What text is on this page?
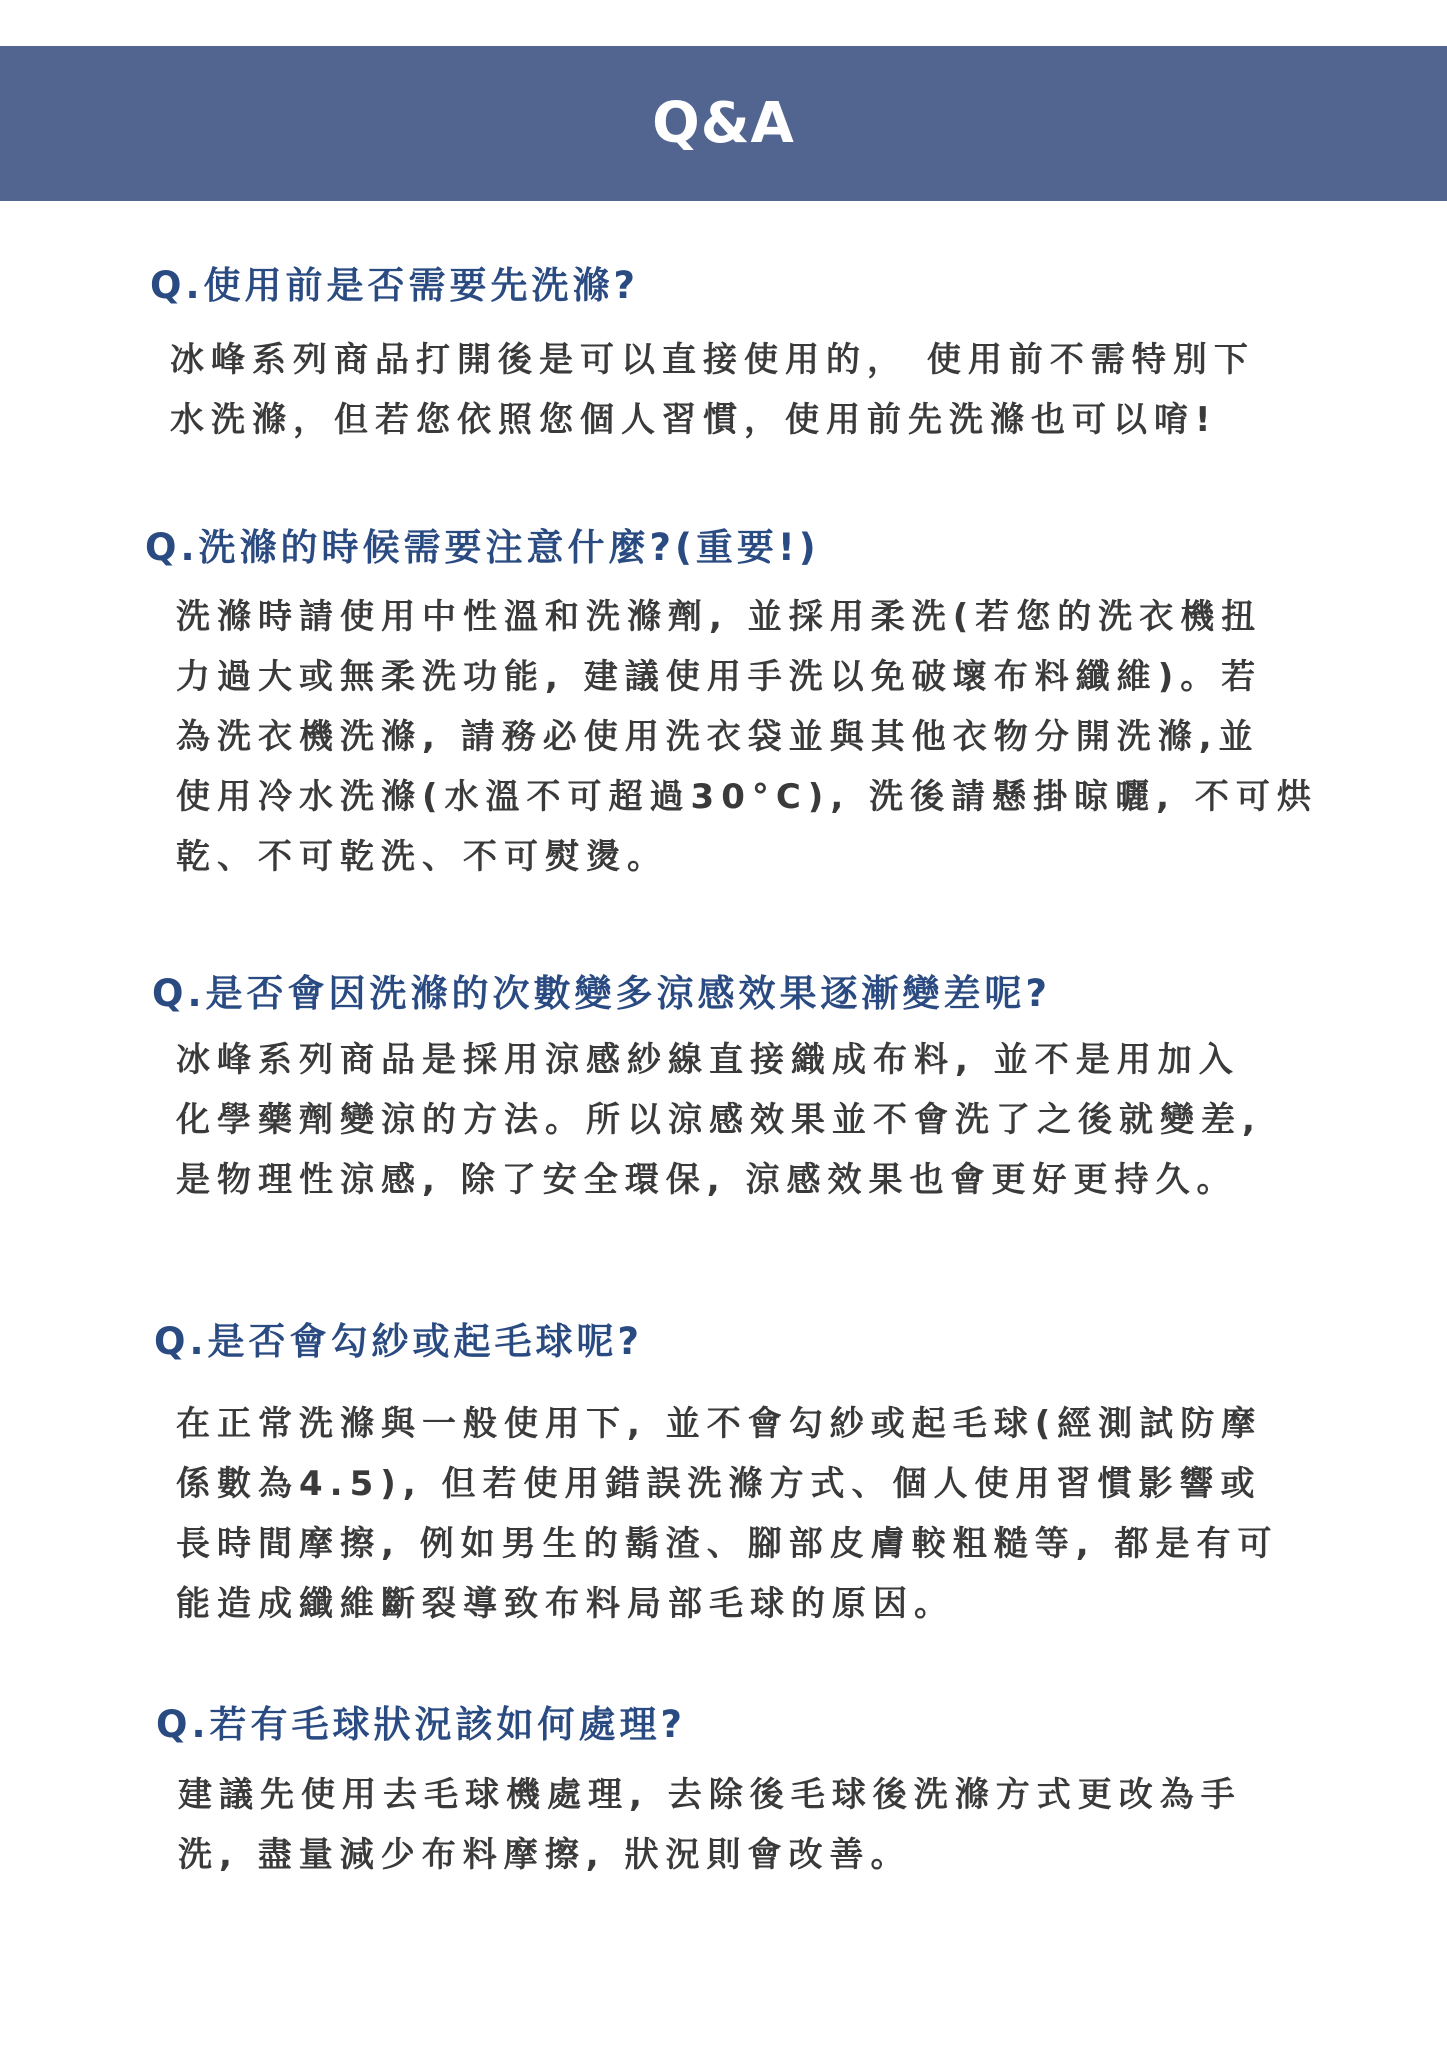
Q&A
Q.使用前是否需要先洗滌?
冰峰系列商品打開後是可以直接使用的， 使用前不需特別下
水洗滌，但若您依照您個人習慣，使用前先洗滌也可以唷!
Q.洗滌的時候需要注意什麼?(重要!)
洗滌時請使用中性溫和洗滌劑, 並採用柔洗(若您的洗衣機扭
力過大或無柔洗功能, 建議使用手洗以免破壞布料纖維)。若
為洗衣機洗滌, 請務必使用洗衣袋並與其他衣物分開洗滌,並
使用冷水洗滌(水溫不可超過30°C), 洗後請懸掛晾曬, 不可烘
乾、不可乾洗、不可熨燙。
Q.是否會因洗滌的次數變多涼感效果逐漸變差呢?
冰峰系列商品是採用涼感紗線直接織成布料, 並不是用加入
化學藥劑變涼的方法。所以涼感效果並不會洗了之後就變差,
是物理性涼感, 除了安全環保, 涼感效果也會更好更持久。
Q.是否會勾紗或起毛球呢?
在正常洗滌與一般使用下, 並不會勾紗或起毛球(經測試防摩
係數為4.5), 但若使用錯誤洗滌方式、個人使用習慣影響或
長時間摩擦, 例如男生的鬍渣、腳部皮膚較粗糙等, 都是有可
能造成纖維斷裂導致布料局部毛球的原因。
Q.若有毛球狀況該如何處理?
建議先使用去毛球機處理, 去除後毛球後洗滌方式更改為手
洗, 盡量減少布料摩擦, 狀況則會改善。
